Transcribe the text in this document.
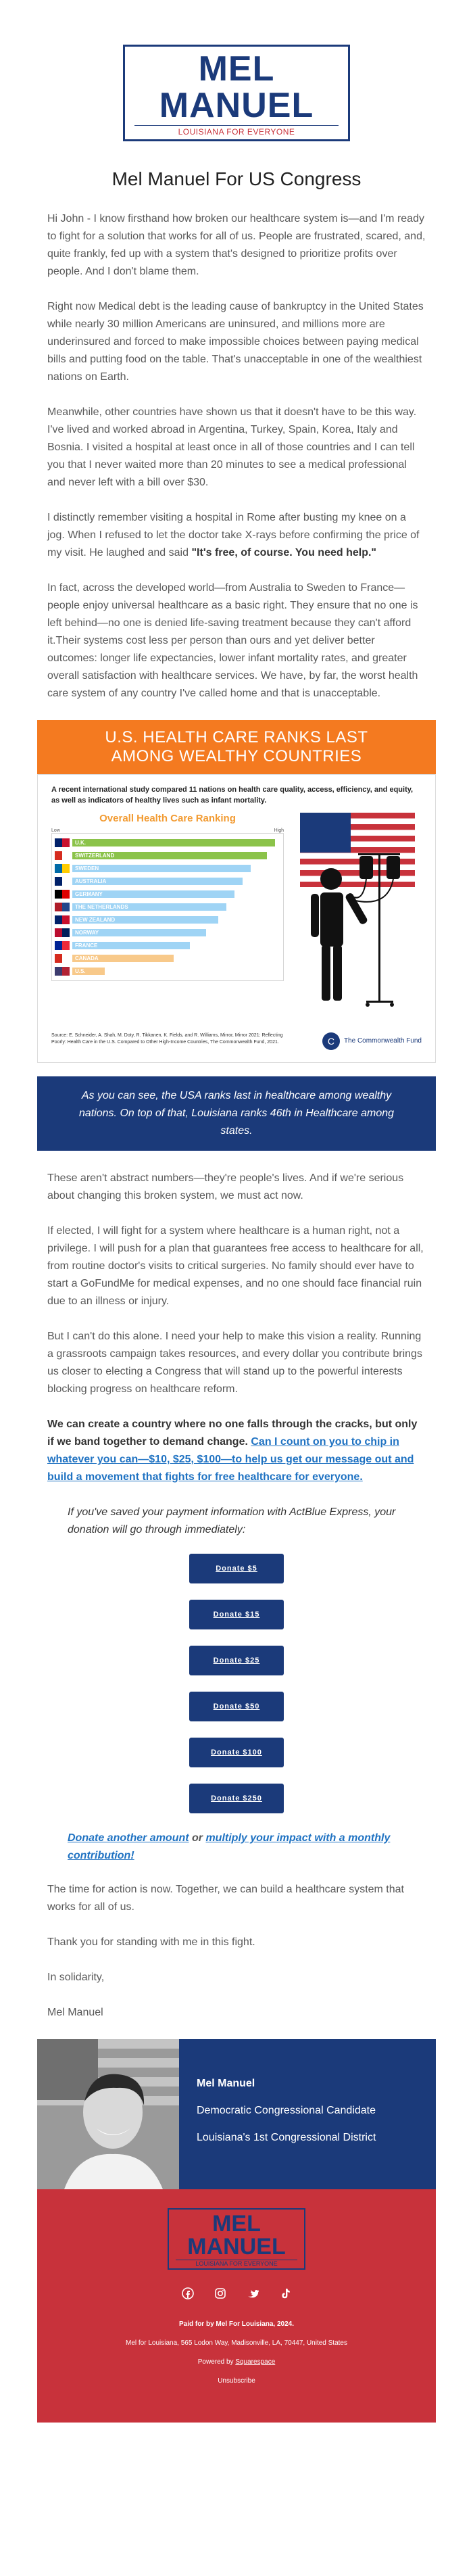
MEL MANUEL
LOUISIANA FOR EVERYONE
Mel Manuel For US Congress

Hi John - I know firsthand how broken our healthcare system is—and I'm ready to fight for a solution that works for all of us. People are frustrated, scared, and, quite frankly, fed up with a system that's designed to prioritize profits over people. And I don't blame them.

Right now Medical debt is the leading cause of bankruptcy in the United States while nearly 30 million Americans are uninsured, and millions more are underinsured and forced to make impossible choices between paying medical bills and putting food on the table. That's unacceptable in one of the wealthiest nations on Earth.

Meanwhile, other countries have shown us that it doesn't have to be this way. I've lived and worked abroad in Argentina, Turkey, Spain, Korea, Italy and Bosnia. I visited a hospital at least once in all of those countries and I can tell you that I never waited more than 20 minutes to see a medical professional and never left with a bill over $30.

I distinctly remember visiting a hospital in Rome after busting my knee on a jog. When I refused to let the doctor take X-rays before confirming the price of my visit. He laughed and said "It's free, of course. You need help."

In fact, across the developed world—from Australia to Sweden to France—people enjoy universal healthcare as a basic right. They ensure that no one is left behind—no one is denied life-saving treatment because they can't afford it.Their systems cost less per person than ours and yet deliver better outcomes: longer life expectancies, lower infant mortality rates, and greater overall satisfaction with healthcare services. We have, by far, the worst health care system of any country I've called home and that is unacceptable.

U.S. HEALTH CARE RANKS LAST
AMONG WEALTHY COUNTRIES
A recent international study compared 11 nations on health care quality, access, efficiency, and equity, as well as indicators of healthy lives such as infant mortality.
Overall Health Care Ranking
Low	High
U.K.
SWITZERLAND
SWEDEN
AUSTRALIA
GERMANY
THE NETHERLANDS
NEW ZEALAND
NORWAY
FRANCE
CANADA
U.S.
Source: E. Schneider, A. Shah, M. Doty, R. Tikkanen, K. Fields, and R. Williams, Mirror, Mirror 2021: Reflecting Poorly: Health Care in the U.S. Compared to Other High-Income Countries, The Commonwealth Fund, 2021.	C	The Commonwealth Fund
As you can see, the USA ranks last in healthcare among wealthy nations. On top of that, Louisiana ranks 46th in Healthcare among states.

These aren't abstract numbers—they're people's lives. And if we're serious about changing this broken system, we must act now.

If elected, I will fight for a system where healthcare is a human right, not a privilege. I will push for a plan that guarantees free access to healthcare for all, from routine doctor's visits to critical surgeries. No family should ever have to start a GoFundMe for medical expenses, and no one should face financial ruin due to an illness or injury.

But I can't do this alone. I need your help to make this vision a reality. Running a grassroots campaign takes resources, and every dollar you contribute brings us closer to electing a Congress that will stand up to the powerful interests blocking progress on healthcare reform.

We can create a country where no one falls through the cracks, but only if we band together to demand change. Can I count on you to chip in whatever you can—$10, $25, $100—to help us get our message out and build a movement that fights for free healthcare for everyone.

If you've saved your payment information with ActBlue Express, your donation will go through immediately:
Donate $5
Donate $15
Donate $25
Donate $50
Donate $100
Donate $250
Donate another amount or multiply your impact with a monthly contribution!

The time for action is now. Together, we can build a healthcare system that works for all of us.

Thank you for standing with me in this fight.

In solidarity,

Mel Manuel

Mel Manuel
Democratic Congressional Candidate
Louisiana's 1st Congressional District
MEL MANUEL
LOUISIANA FOR EVERYONE
Paid for by Mel For Louisiana, 2024.
Mel for Louisiana, 565 Lodon Way, Madisonville, LA, 70447, United States
Powered by Squarespace
Unsubscribe
